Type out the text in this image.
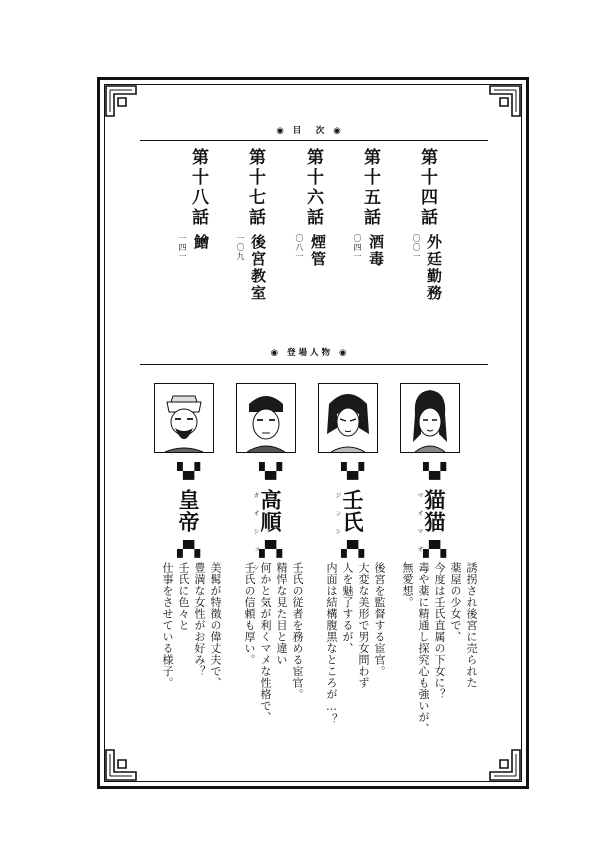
◉ 目　次 ◉
第十四話
〇〇一 外廷勤務
第十五話
〇四一 酒毒
第十六話
〇八一 煙管
第十七話
一〇九 後宮教室
第十八話
一四一 鱠
◉ 登場人物 ◉
▚▞
▚▞
▚▞
▚▞
▞▚
▞▚
▞▚
▞▚
猫猫
マオマオ
壬氏
ジンシ
高順
ガオシュン
皇帝
誘拐され後宮に売られた
薬屋の少女で、
今度は壬氏直属の下女に？
毒や薬に精通し探究心も強いが、
無愛想。
後宮を監督する宦官。
大変な美形で男女問わず
人を魅了するが、
内面は結構腹黒なところが…？
壬氏の従者を務める宦官。
精悍な見た目と違い
何かと気が利くマメな性格で、
壬氏の信頼も厚い。
美髯が特徴の偉丈夫で、
豊満な女性がお好み？
壬氏に色々と
仕事をさせている様子。
